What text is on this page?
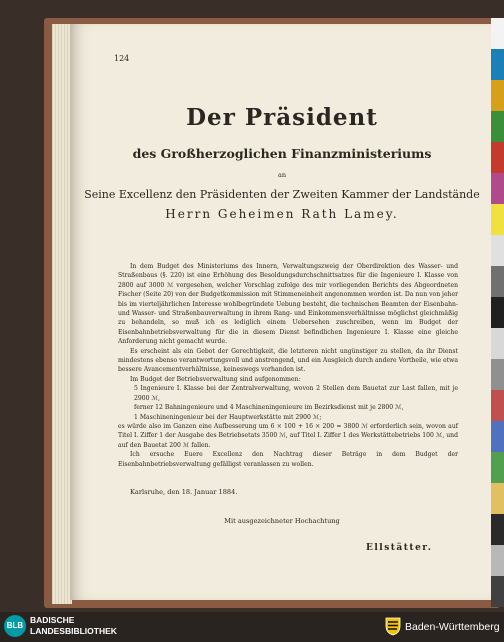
124
Der Präsident
des Großherzoglichen Finanzministeriums
an
Seine Excellenz den Präsidenten der Zweiten Kammer der Landstände
Herrn Geheimen Rath Lamey.

In dem Budget des Ministeriums des Innern, Verwaltungszweig der Oberdirektion des Wasser- und Straßenbaus (§. 220) ist eine Erhöhung des Besoldungsdurchschnittsatzes für die Ingenieure I. Klasse von 2800 auf 3000 ℳ vorgesehen, welcher Vorschlag zufolge des mir vorliegenden Berichts des Abgeordneten Fischer (Seite 20) von der Budgetkommission mit Stimmeneinheit angenommen worden ist. Da nun von jeher bis im vierteljährlichen Interesse wohlbegründete Uebung besteht, die technischen Beamten der Eisenbahn- und Wasser- und Straßenbauverwaltung in ihrem Rang- und Einkommensverhältnisse möglichst gleichmäßig zu behandeln, so muß ich es lediglich einem Uebersehen zuschreiben, wenn im Budget der Eisenbahnbetriebsverwaltung für die in diesem Dienst befindlichen Ingenieure I. Klasse eine gleiche Anforderung nicht gemacht wurde.

Es erscheint als ein Gebot der Gerechtigkeit, die letzteren nicht ungünstiger zu stellen, da ihr Dienst mindestens ebenso verantwortungsvoll und anstrengend, und ein Ausgleich durch andere Vortheile, wie etwa bessere Avancementverhältnisse, keineswegs vorhanden ist.

Im Budget der Betriebsverwaltung sind aufgenommen:

5 Ingenieure I. Klasse bei der Zentralverwaltung, wovon 2 Stellen dem Bauetat zur Last fallen, mit je 2900 ℳ,

ferner 12 Bahningenieure und 4 Maschineningenieure im Bezirksdienst mit je 2800 ℳ,

1 Maschineningenieur bei der Hauptwerkstätte mit 2900 ℳ;

es würde also im Ganzen eine Aufbesserung um 6 × 100 + 16 × 200 = 3800 ℳ erforderlich sein, wovon auf Titel I. Ziffer 1 der Ausgabe des Betriebsetats 3500 ℳ, auf Titel I. Ziffer 1 des Werkstättebetriebs 100 ℳ, und auf den Bauetat 200 ℳ fallen.

Ich ersuche Euere Excellenz den Nachtrag dieser Beträge in dem Budget der Eisenbahnbetriebsverwaltung gefälligst veranlassen zu wollen.

Karlsruhe, den 18. Januar 1884.
Mit ausgezeichneter Hochachtung
Ellstätter.
BLB
BADISCHE
LANDESBIBLIOTHEK	Baden-Württemberg
